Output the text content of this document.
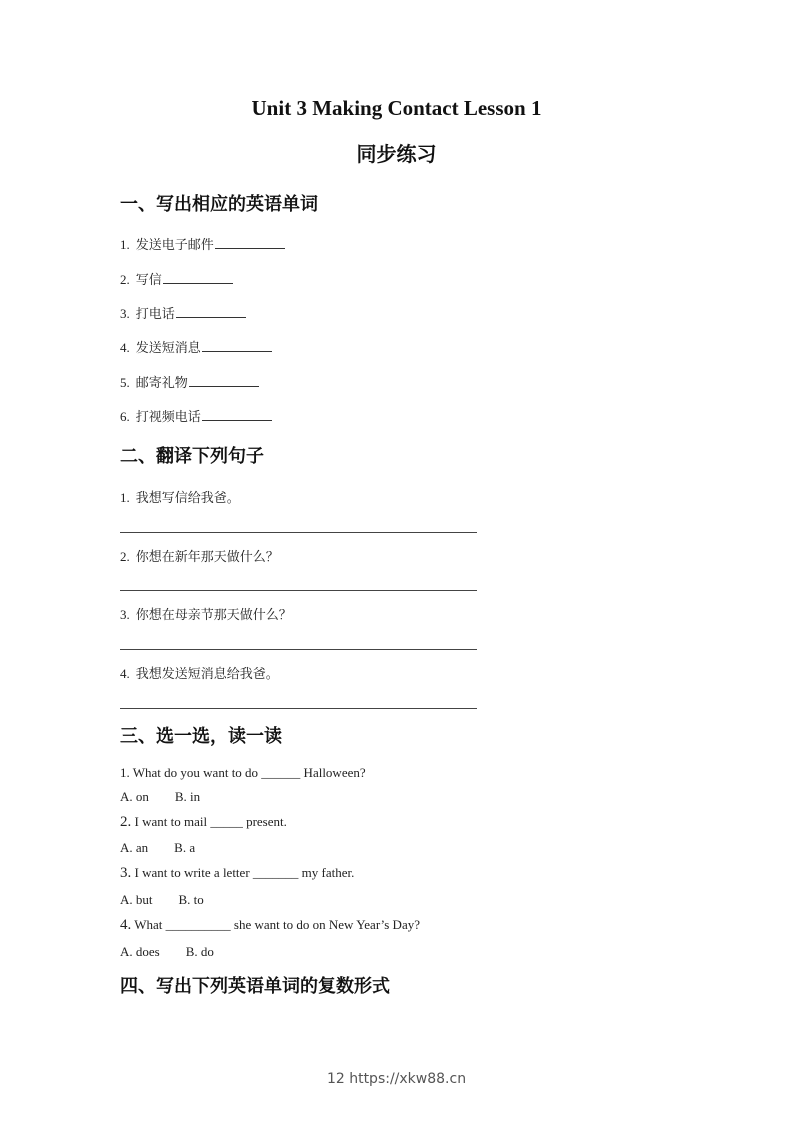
Unit 3 Making Contact Lesson 1
同步练习
一、写出相应的英语单词
1. 发送电子邮件
2. 写信
3. 打电话
4. 发送短消息
5. 邮寄礼物
6. 打视频电话
二、翻译下列句子
1. 我想写信给我爸。
2. 你想在新年那天做什么？
3. 你想在母亲节那天做什么？
4. 我想发送短消息给我爸。
三、选一选，读一读
1. What do you want to do ______ Halloween?
A. on B. in
2. I want to mail _____ present.
A. an B. a
3. I want to write a letter _______ my father.
A. but B. to
4. What __________ she want to do on New Year’s Day?
A. does B. do
四、写出下列英语单词的复数形式
12 https://xkw88.cn
